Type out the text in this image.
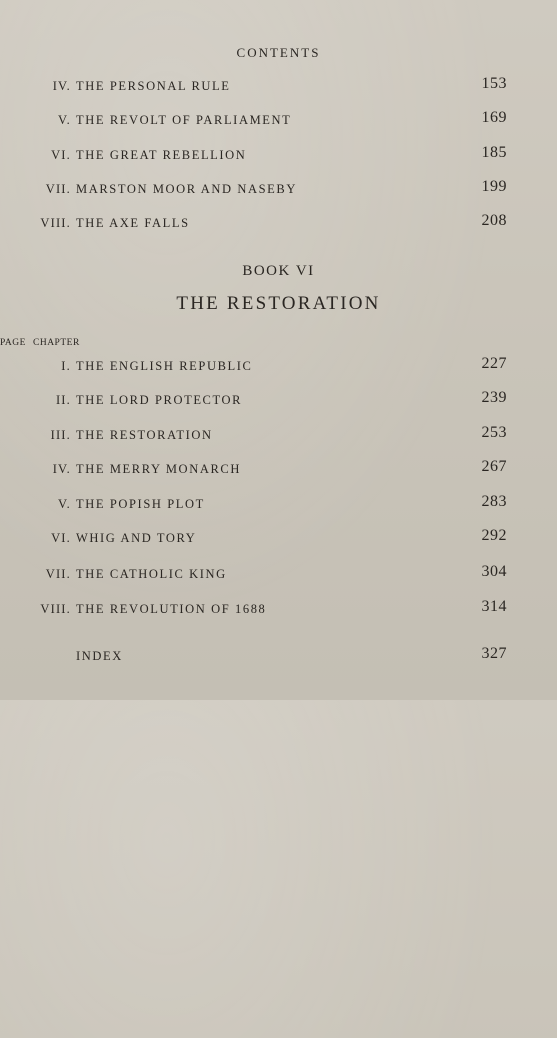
CONTENTS
IV. THE PERSONAL RULE	153
V. THE REVOLT OF PARLIAMENT	169
VI. THE GREAT REBELLION	185
VII. MARSTON MOOR AND NASEBY	199
VIII. THE AXE FALLS	208
BOOK VI
THE RESTORATION
CHAPTER
PAGE
I. THE ENGLISH REPUBLIC	227
II. THE LORD PROTECTOR	239
III. THE RESTORATION	253
IV. THE MERRY MONARCH	267
V. THE POPISH PLOT	283
VI. WHIG AND TORY	292
VII. THE CATHOLIC KING	304
VIII. THE REVOLUTION OF 1688	314
INDEX	327
